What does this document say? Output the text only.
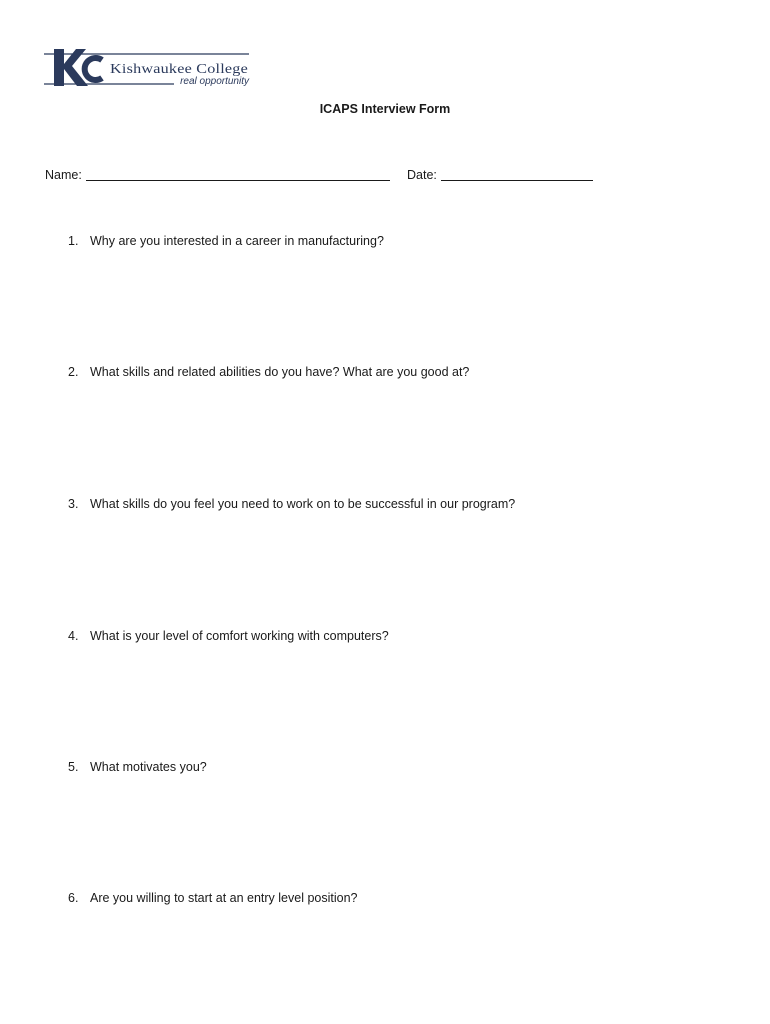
Kishwaukee College
real opportunity
ICAPS Interview Form
Name:	Date:
1. Why are you interested in a career in manufacturing?
2. What skills and related abilities do you have? What are you good at?
3. What skills do you feel you need to work on to be successful in our program?
4. What is your level of comfort working with computers?
5. What motivates you?
6. Are you willing to start at an entry level position?
